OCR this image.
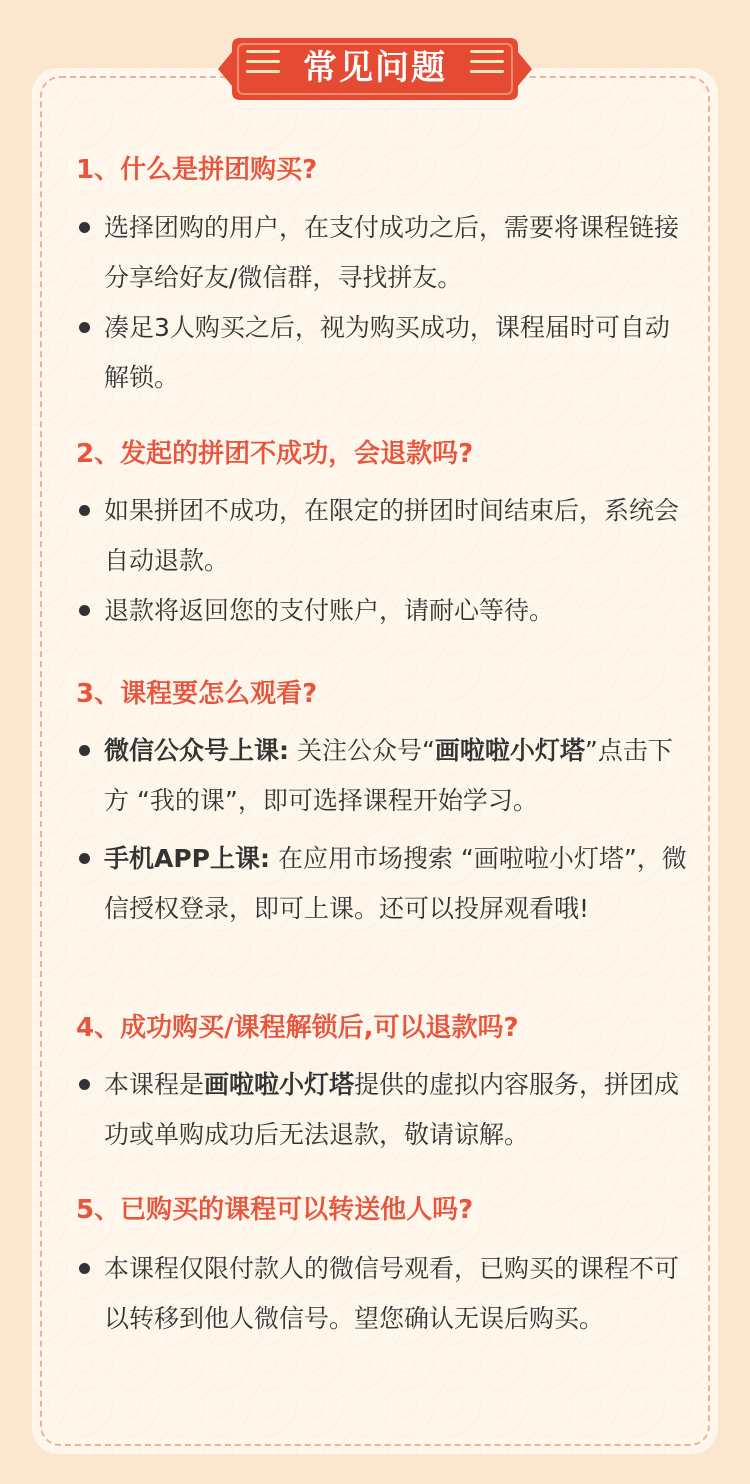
常见问题
1、什么是拼团购买?
选择团购的用户，在支付成功之后，需要将课程链接分享给好友/微信群，寻找拼友。
凑足3人购买之后，视为购买成功，课程届时可自动解锁。
2、发起的拼团不成功，会退款吗?
如果拼团不成功，在限定的拼团时间结束后，系统会自动退款。
退款将返回您的支付账户，请耐心等待。
3、课程要怎么观看?
微信公众号上课: 关注公众号“画啦啦小灯塔”点击下方 “我的课”，即可选择课程开始学习。
手机APP上课: 在应用市场搜索 “画啦啦小灯塔”，微信授权登录，即可上课。还可以投屏观看哦!
4、成功购买/课程解锁后,可以退款吗?
本课程是画啦啦小灯塔提供的虚拟内容服务，拼团成功或单购成功后无法退款，敬请谅解。
5、已购买的课程可以转送他人吗?
本课程仅限付款人的微信号观看，已购买的课程不可以转移到他人微信号。望您确认无误后购买。
